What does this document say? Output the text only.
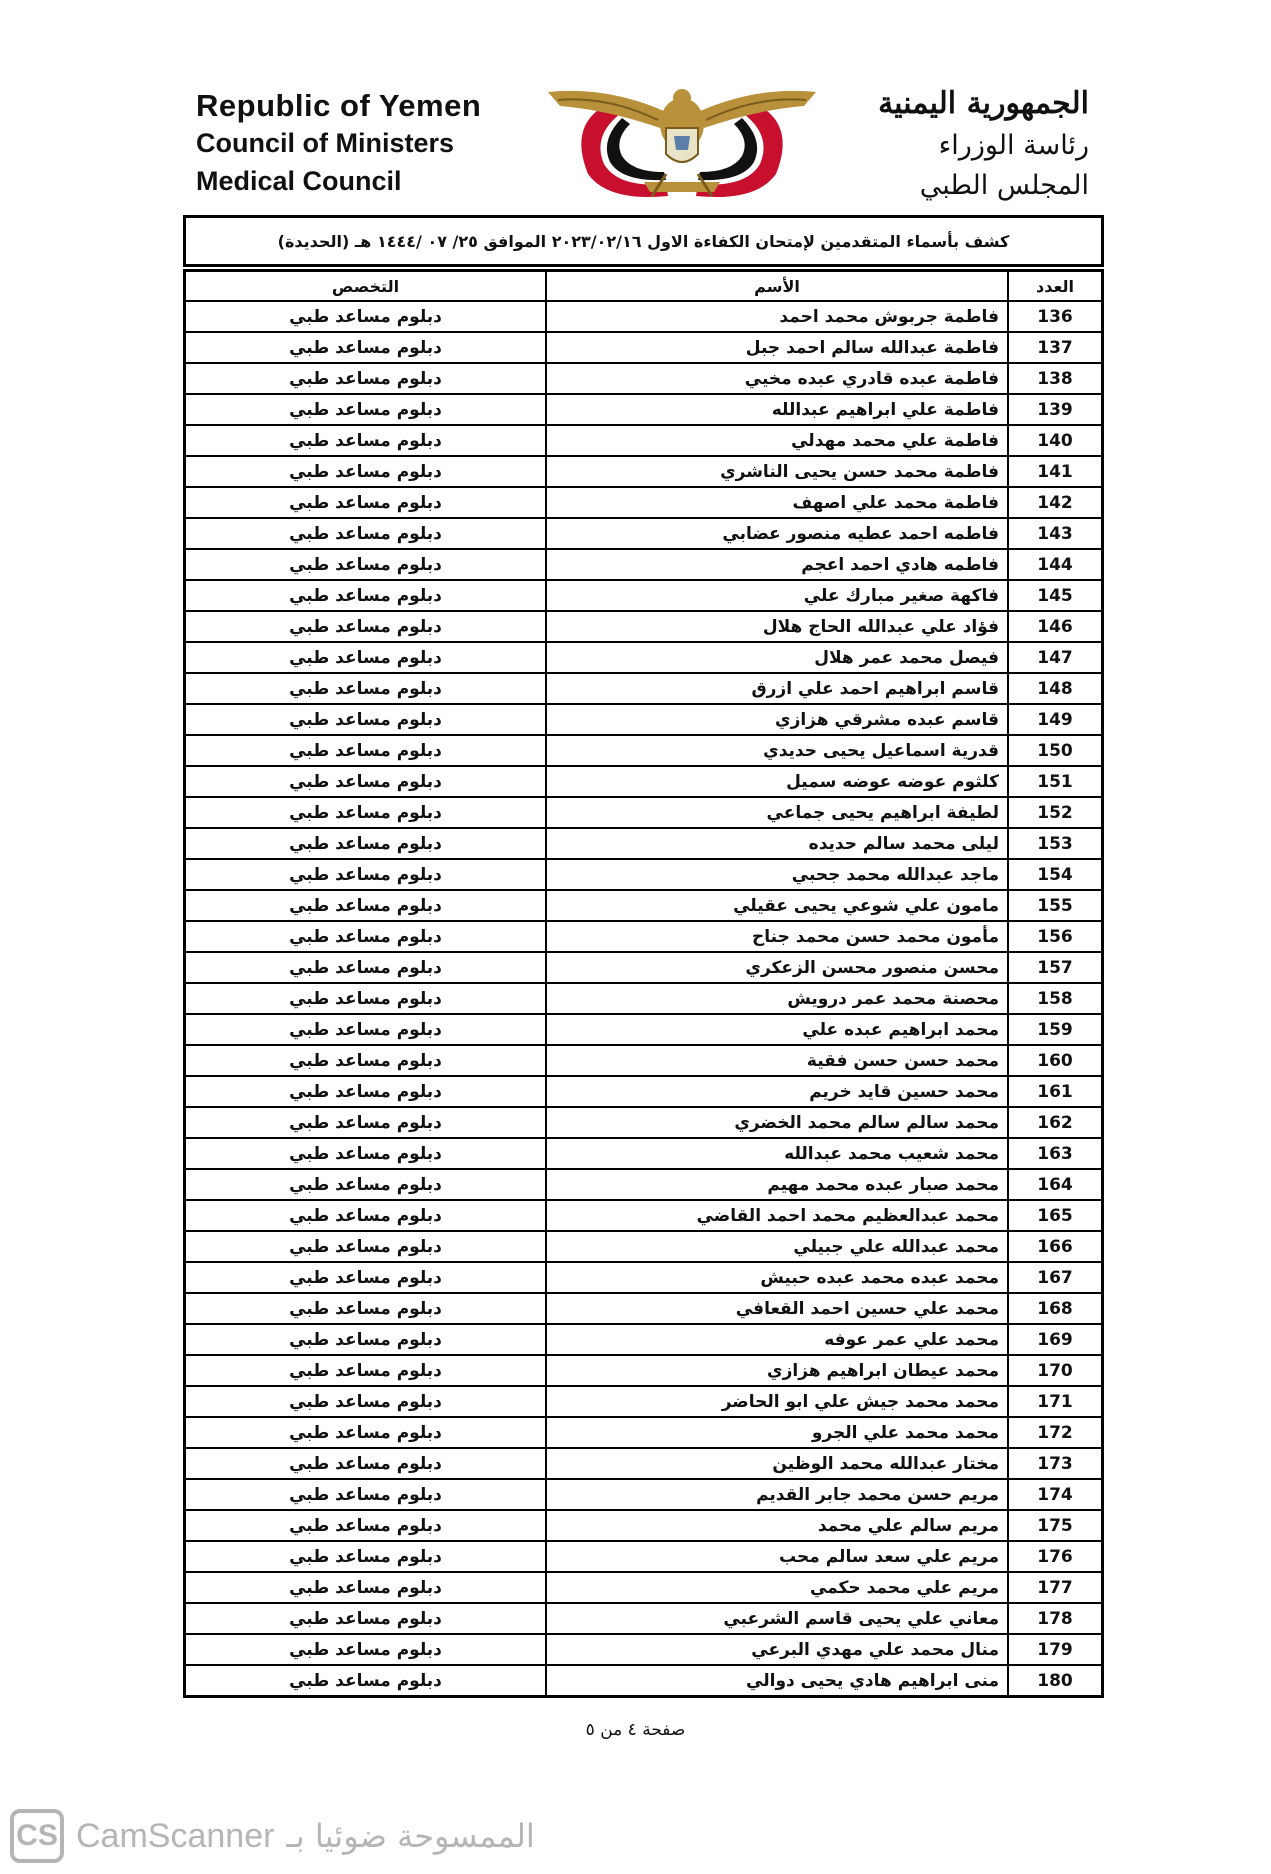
Republic of Yemen
Council of Ministers
Medical Council
الجمهورية اليمنية
رئاسة الوزراء
المجلس الطبي
كشف بأسماء المتقدمين لإمتحان الكفاءة الاول ٢٠٢٣/٠٢/١٦ الموافق ٢٥/ ٠٧ /١٤٤٤ هـ (الحديدة)
العدد	الأسم	التخصص
136	فاطمة جربوش محمد احمد	دبلوم مساعد طبي
137	فاطمة عبدالله سالم احمد جبل	دبلوم مساعد طبي
138	فاطمة عبده قادري عبده مخيي	دبلوم مساعد طبي
139	فاطمة علي ابراهيم عبدالله	دبلوم مساعد طبي
140	فاطمة علي محمد مهدلي	دبلوم مساعد طبي
141	فاطمة محمد حسن يحيى الناشري	دبلوم مساعد طبي
142	فاطمة محمد علي اصهف	دبلوم مساعد طبي
143	فاطمه احمد عطيه منصور عضابي	دبلوم مساعد طبي
144	فاطمه هادي احمد اعجم	دبلوم مساعد طبي
145	فاكهة صغير مبارك علي	دبلوم مساعد طبي
146	فؤاد علي عبدالله الحاج هلال	دبلوم مساعد طبي
147	فيصل محمد عمر هلال	دبلوم مساعد طبي
148	قاسم ابراهيم احمد علي ازرق	دبلوم مساعد طبي
149	قاسم عبده مشرقي هزازي	دبلوم مساعد طبي
150	قدرية اسماعيل يحيى حديدي	دبلوم مساعد طبي
151	كلثوم عوضه عوضه سميل	دبلوم مساعد طبي
152	لطيفة ابراهيم يحيى جماعي	دبلوم مساعد طبي
153	ليلى محمد سالم حديده	دبلوم مساعد طبي
154	ماجد عبدالله محمد جحبي	دبلوم مساعد طبي
155	مامون علي شوعي يحيى عقيلي	دبلوم مساعد طبي
156	مأمون محمد حسن محمد جناح	دبلوم مساعد طبي
157	محسن منصور محسن الزعكري	دبلوم مساعد طبي
158	محصنة محمد عمر درويش	دبلوم مساعد طبي
159	محمد ابراهيم عبده علي	دبلوم مساعد طبي
160	محمد حسن حسن فقية	دبلوم مساعد طبي
161	محمد حسين قايد خريم	دبلوم مساعد طبي
162	محمد سالم سالم محمد الخضري	دبلوم مساعد طبي
163	محمد شعيب محمد عبدالله	دبلوم مساعد طبي
164	محمد صبار عبده محمد مهيم	دبلوم مساعد طبي
165	محمد عبدالعظيم محمد احمد القاضي	دبلوم مساعد طبي
166	محمد عبدالله علي جبيلي	دبلوم مساعد طبي
167	محمد عبده محمد عبده حبيش	دبلوم مساعد طبي
168	محمد علي حسين احمد القعافي	دبلوم مساعد طبي
169	محمد علي عمر عوفه	دبلوم مساعد طبي
170	محمد عيطان ابراهيم هزازي	دبلوم مساعد طبي
171	محمد محمد جيش علي ابو الحاضر	دبلوم مساعد طبي
172	محمد محمد علي الجرو	دبلوم مساعد طبي
173	مختار عبدالله محمد الوظين	دبلوم مساعد طبي
174	مريم حسن محمد جابر القديم	دبلوم مساعد طبي
175	مريم سالم علي محمد	دبلوم مساعد طبي
176	مريم علي سعد سالم محب	دبلوم مساعد طبي
177	مريم علي محمد حكمي	دبلوم مساعد طبي
178	معاني علي يحيى قاسم الشرعبي	دبلوم مساعد طبي
179	منال محمد علي مهدي البرعي	دبلوم مساعد طبي
180	منى ابراهيم هادي يحيى دوالي	دبلوم مساعد طبي
صفحة ٤ من ٥
CS CamScanner الممسوحة ضوئيا بـ
